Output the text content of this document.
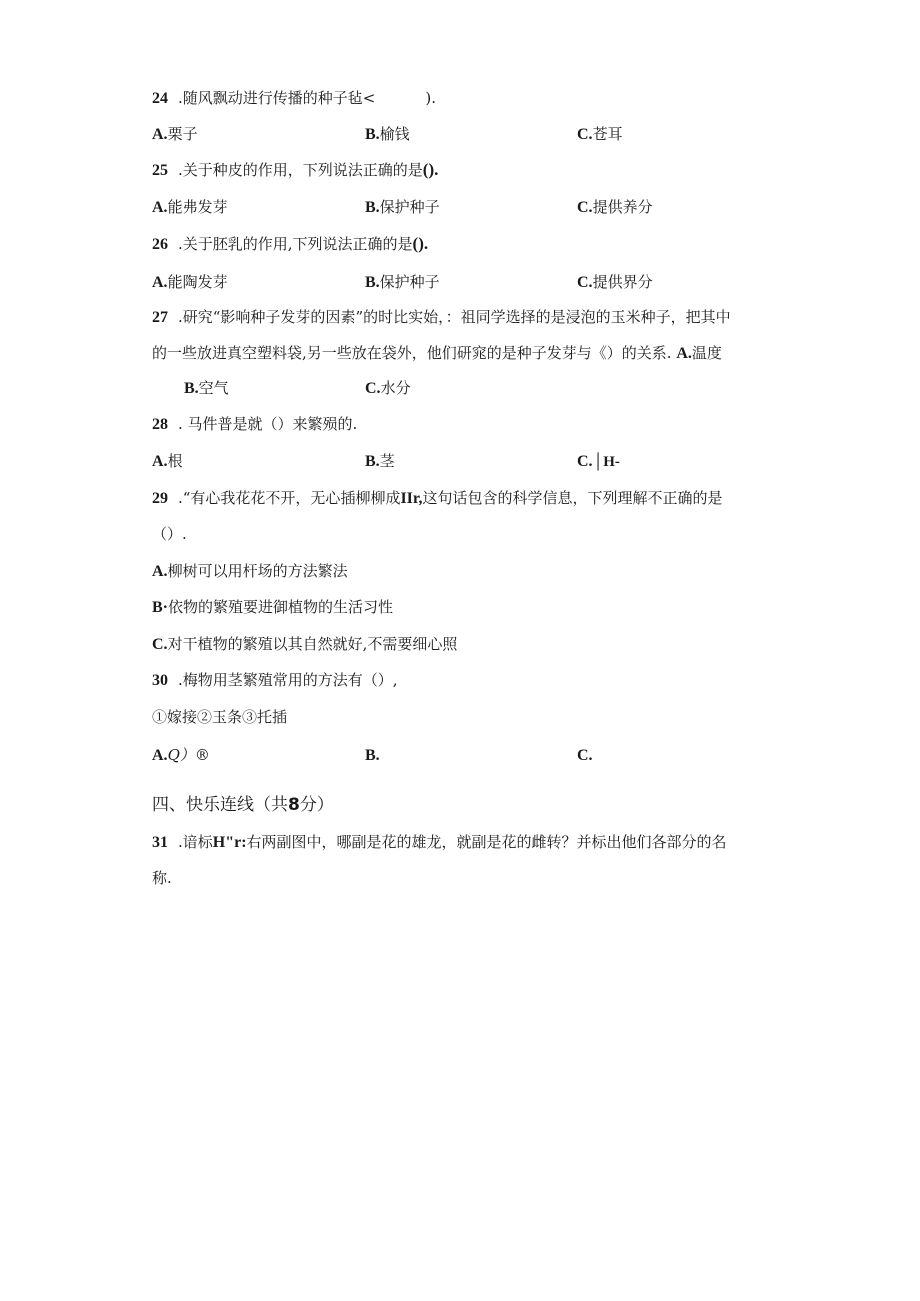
24 .随风飘动进行传播的种子毡<	).
A.栗子	B.榆钱	C.苍耳
25 .关于种皮的作用，下列说法正确的是().
A.能弗发芽	B.保护种子	C.提供养分
26 .关于胚乳的作用,下列说法正确的是().
A.能陶发芽	B.保护种子	C.提供界分
27 .研究“影响种子发芽的因素”的时比实始，：祖同学选择的是浸泡的玉米种子，把其中
的一些放进真空塑料袋,另一些放在袋外，他们研窕的是种子发芽与《）的关系. A.温度
B.空气	C.水分
28 . 马件普是就（）来繁殒的.
A.根	B.茎	C.│H-
29 .“有心我花花不开，无心插柳柳成IIr,这句话包含的科学信息，下列理解不正确的是
（）.
A.柳树可以用杆场的方法繁法
B·依物的繁殖要进御植物的生活习性
C.对干植物的繁殖以其自然就好,不需要细心照
30 .梅物用茎繁殖常用的方法有（）,
①嫁接②玉条③托插
A.Q）®	B.	C.
四、快乐连线（共8分）
31 .谙标H"r:右两副图中，哪副是花的雄龙，就副是花的雌转？并标出他们各部分的名
称.
